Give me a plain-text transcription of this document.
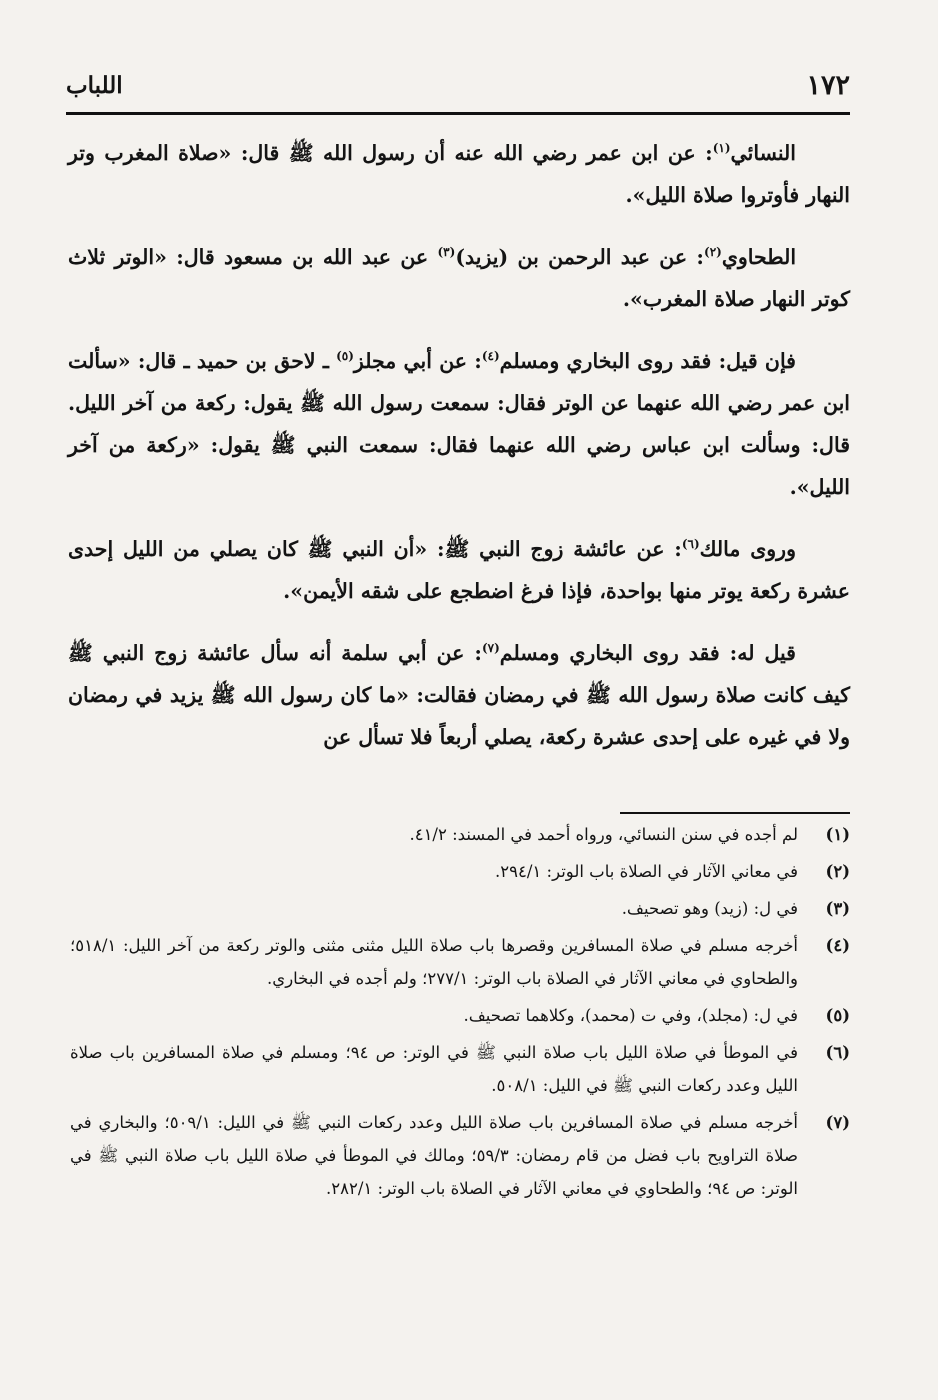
١٧٢
اللباب

النسائي$^{(١)}$: عن ابن عمر رضي الله عنه أن رسول الله ﷺ قال: «صلاة المغرب وتر النهار فأوتروا صلاة الليل».

الطحاوي$^{(٢)}$: عن عبد الرحمن بن (يزيد)$^{(٣)}$ عن عبد الله بن مسعود قال: «الوتر ثلاث كوتر النهار صلاة المغرب».

فإن قيل: فقد روى البخاري ومسلم$^{(٤)}$: عن أبي مجلز$^{(٥)}$ ـ لاحق بن حميد ـ قال: «سألت ابن عمر رضي الله عنهما عن الوتر فقال: سمعت رسول الله ﷺ يقول: ركعة من آخر الليل. قال: وسألت ابن عباس رضي الله عنهما فقال: سمعت النبي ﷺ يقول: «ركعة من آخر الليل».

وروى مالك$^{(٦)}$: عن عائشة زوج النبي ﷺ: «أن النبي ﷺ كان يصلي من الليل إحدى عشرة ركعة يوتر منها بواحدة، فإذا فرغ اضطجع على شقه الأيمن».

قيل له: فقد روى البخاري ومسلم$^{(٧)}$: عن أبي سلمة أنه سأل عائشة زوج النبي ﷺ كيف كانت صلاة رسول الله ﷺ في رمضان فقالت: «ما كان رسول الله ﷺ يزيد في رمضان ولا في غيره على إحدى عشرة ركعة، يصلي أربعاً فلا تسأل عن

(١)
لم أجده في سنن النسائي، ورواه أحمد في المسند: ٤١/٢.
(٢)
في معاني الآثار في الصلاة باب الوتر: ٢٩٤/١.
(٣)
في ل: (زيد) وهو تصحيف.
(٤)
أخرجه مسلم في صلاة المسافرين وقصرها باب صلاة الليل مثنى مثنى والوتر ركعة من آخر الليل: ٥١٨/١؛ والطحاوي في معاني الآثار في الصلاة باب الوتر: ٢٧٧/١؛ ولم أجده في البخاري.
(٥)
في ل: (مجلد)، وفي ت (محمد)، وكلاهما تصحيف.
(٦)
في الموطأ في صلاة الليل باب صلاة النبي ﷺ في الوتر: ص ٩٤؛ ومسلم في صلاة المسافرين باب صلاة الليل وعدد ركعات النبي ﷺ في الليل: ٥٠٨/١.
(٧)
أخرجه مسلم في صلاة المسافرين باب صلاة الليل وعدد ركعات النبي ﷺ في الليل: ٥٠٩/١؛ والبخاري في صلاة التراويح باب فضل من قام رمضان: ٥٩/٣؛ ومالك في الموطأ في صلاة الليل باب صلاة النبي ﷺ في الوتر: ص ٩٤؛ والطحاوي في معاني الآثار في الصلاة باب الوتر: ٢٨٢/١.
